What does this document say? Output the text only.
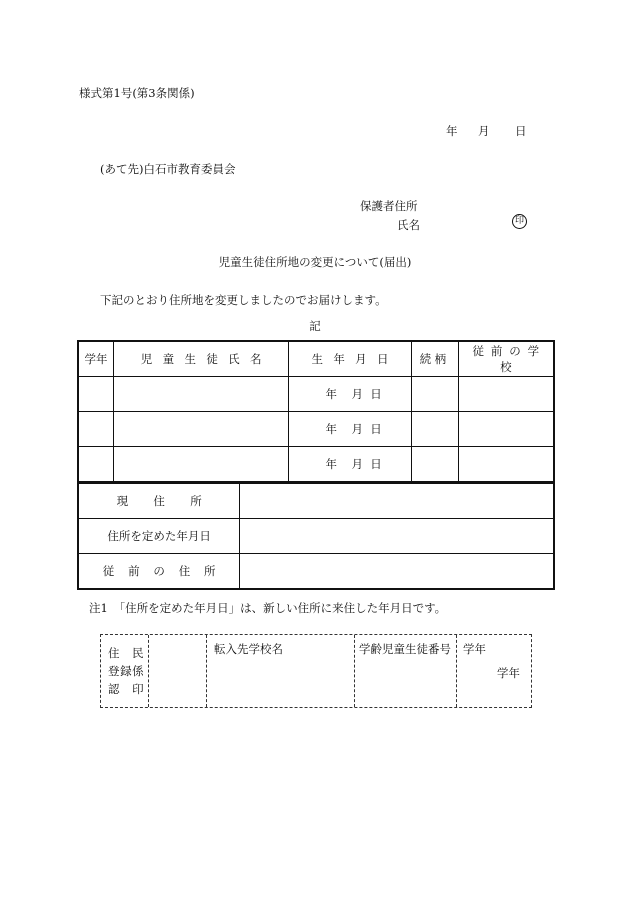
様式第1号(第3条関係)
年 月 日
(あて先)白石市教育委員会
保護者住所
氏名	印
児童生徒住所地の変更について(届出)
下記のとおり住所地を変更しましたのでお届けします。
記
学年	児童生徒氏名	生年月日	続柄	従前の学校
		年 月 日		
		年 月 日		
		年 月 日		
現住所	
住所を定めた年月日	
従前の住所	
注1　「住所を定めた年月日」は、新しい住所に来住した年月日です。
住　民
登録係
認　印
転入先学校名	学齢児童生徒番号 学年
学年
